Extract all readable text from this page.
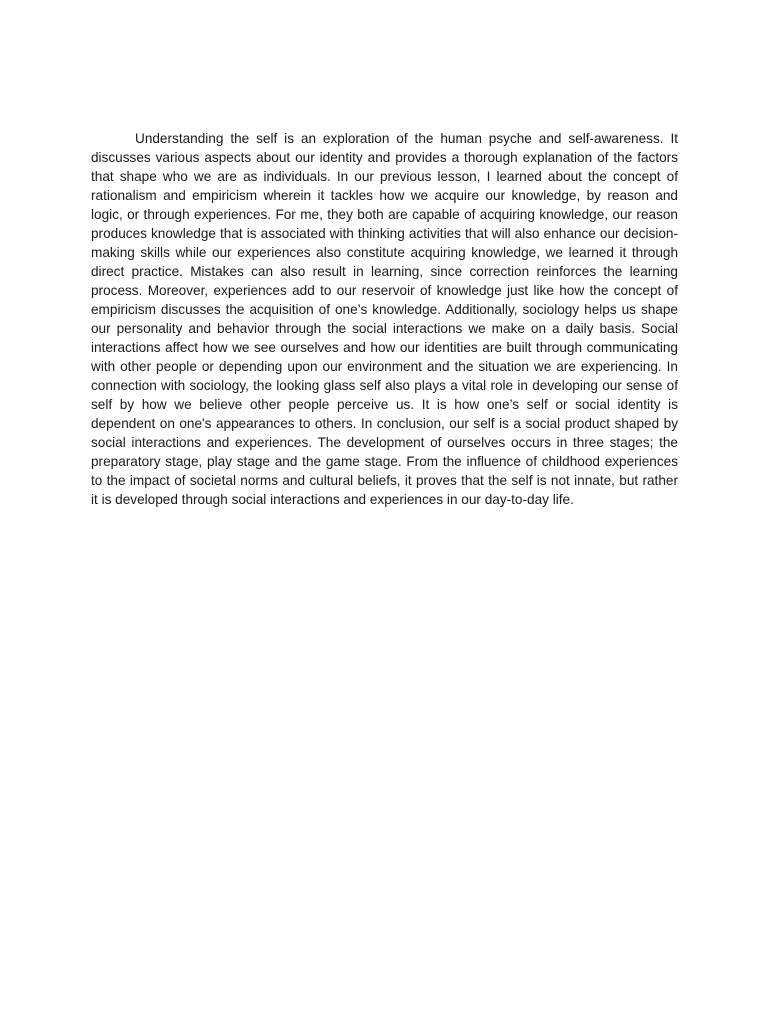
Understanding the self is an exploration of the human psyche and self-awareness. It discusses various aspects about our identity and provides a thorough explanation of the factors that shape who we are as individuals. In our previous lesson, I learned about the concept of rationalism and empiricism wherein it tackles how we acquire our knowledge, by reason and logic, or through experiences. For me, they both are capable of acquiring knowledge, our reason produces knowledge that is associated with thinking activities that will also enhance our decision-making skills while our experiences also constitute acquiring knowledge, we learned it through direct practice. Mistakes can also result in learning, since correction reinforces the learning process. Moreover, experiences add to our reservoir of knowledge just like how the concept of empiricism discusses the acquisition of one’s knowledge. Additionally, sociology helps us shape our personality and behavior through the social interactions we make on a daily basis. Social interactions affect how we see ourselves and how our identities are built through communicating with other people or depending upon our environment and the situation we are experiencing. In connection with sociology, the looking glass self also plays a vital role in developing our sense of self by how we believe other people perceive us. It is how one’s self or social identity is dependent on one's appearances to others. In conclusion, our self is a social product shaped by social interactions and experiences. The development of ourselves occurs in three stages; the preparatory stage, play stage and the game stage. From the influence of childhood experiences to the impact of societal norms and cultural beliefs, it proves that the self is not innate, but rather it is developed through social interactions and experiences in our day-to-day life.
